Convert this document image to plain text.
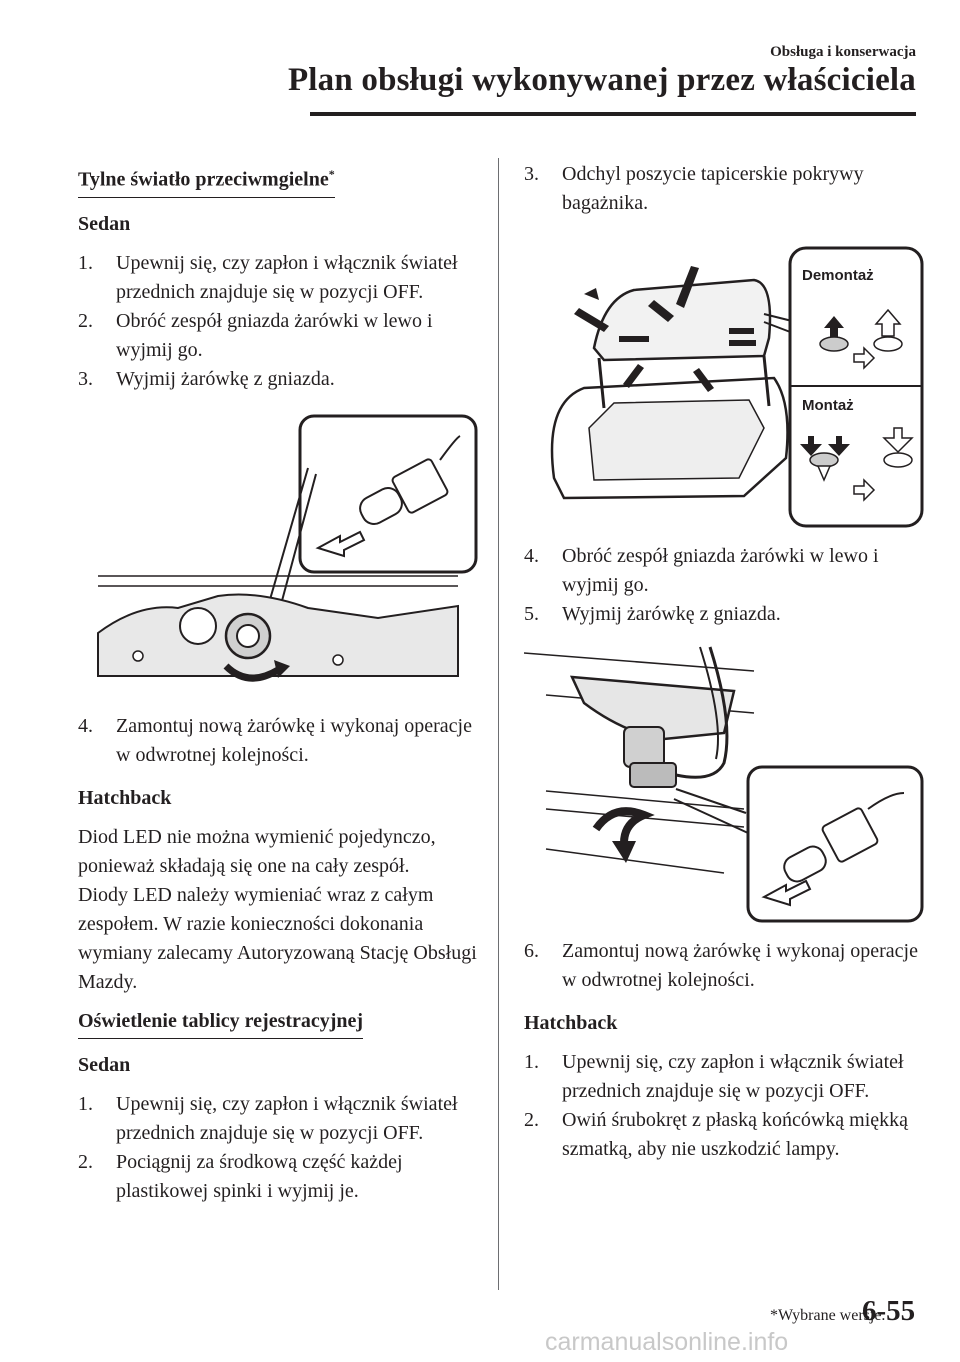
Obsługa i konserwacja
Plan obsługi wykonywanej przez właściciela
Tylne światło przeciwmgielne*
Sedan
1.	Upewnij się, czy zapłon i włącznik świateł przednich znajduje się w pozycji OFF.
2.	Obróć zespół gniazda żarówki w lewo i wyjmij go.
3.	Wyjmij żarówkę z gniazda.
4.	Zamontuj nową żarówkę i wykonaj operacje w odwrotnej kolejności.
Hatchback
Diod LED nie można wymienić pojedynczo, ponieważ składają się one na cały zespół.
Diody LED należy wymieniać wraz z całym zespołem. W razie konieczności dokonania wymiany zalecamy Autoryzowaną Stację Obsługi Mazdy.
Oświetlenie tablicy rejestracyjnej
Sedan
1.	Upewnij się, czy zapłon i włącznik świateł przednich znajduje się w pozycji OFF.
2.	Pociągnij za środkową część każdej plastikowej spinki i wyjmij je.
3.	Odchyl poszycie tapicerskie pokrywy bagażnika.
Demontaż
Montaż
4.	Obróć zespół gniazda żarówki w lewo i wyjmij go.
5.	Wyjmij żarówkę z gniazda.
6.	Zamontuj nową żarówkę i wykonaj operacje w odwrotnej kolejności.
Hatchback
1.	Upewnij się, czy zapłon i włącznik świateł przednich znajduje się w pozycji OFF.
2.	Owiń śrubokręt z płaską końcówką miękką szmatką, aby nie uszkodzić lampy.
*Wybrane wersje.
6-55
carmanualsonline.info
